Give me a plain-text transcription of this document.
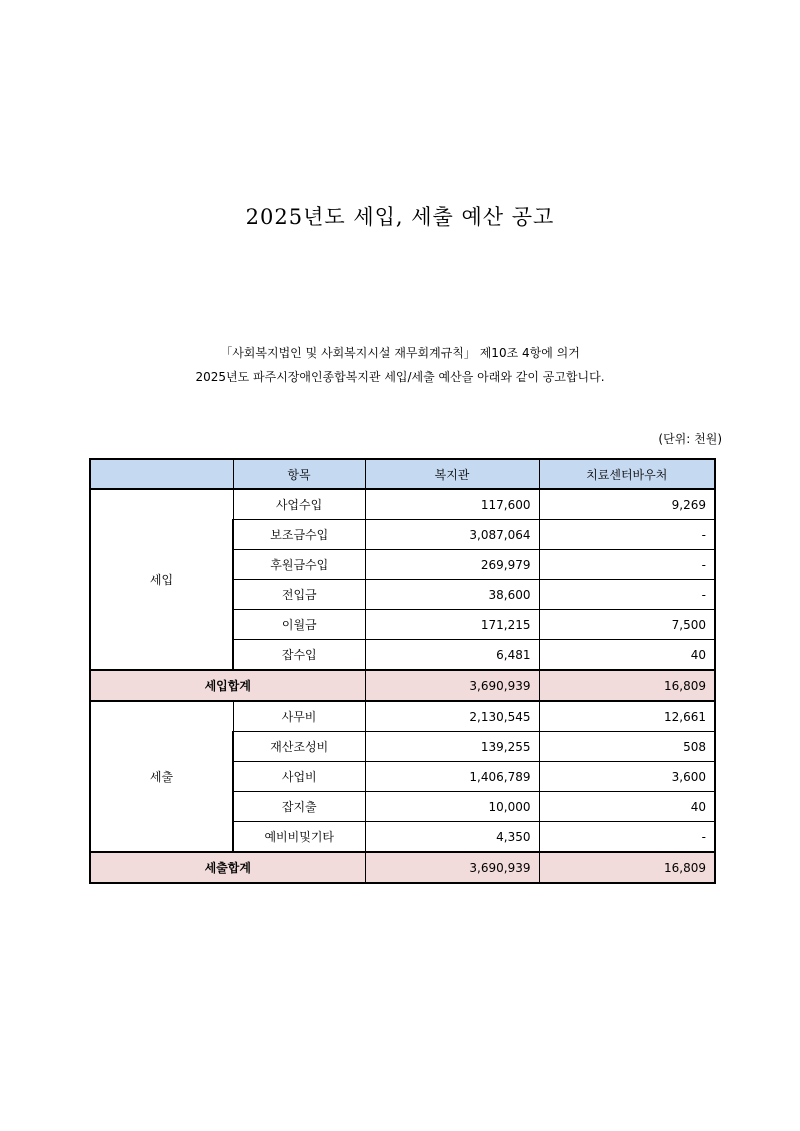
2025년도 세입, 세출 예산 공고
「사회복지법인 및 사회복지시설 재무회계규칙」 제10조 4항에 의거
2025년도 파주시장애인종합복지관 세입/세출 예산을 아래와 같이 공고합니다.
(단위: 천원)
	항목	복지관	치료센터바우처
세입	사업수입	117,600	9,269
	보조금수입	3,087,064	-
	후원금수입	269,979	-
	전입금	38,600	-
	이월금	171,215	7,500
	잡수입	6,481	40
세입합계		3,690,939	16,809
세출	사무비	2,130,545	12,661
	재산조성비	139,255	508
	사업비	1,406,789	3,600
	잡지출	10,000	40
	예비비및기타	4,350	-
세출합계		3,690,939	16,809
